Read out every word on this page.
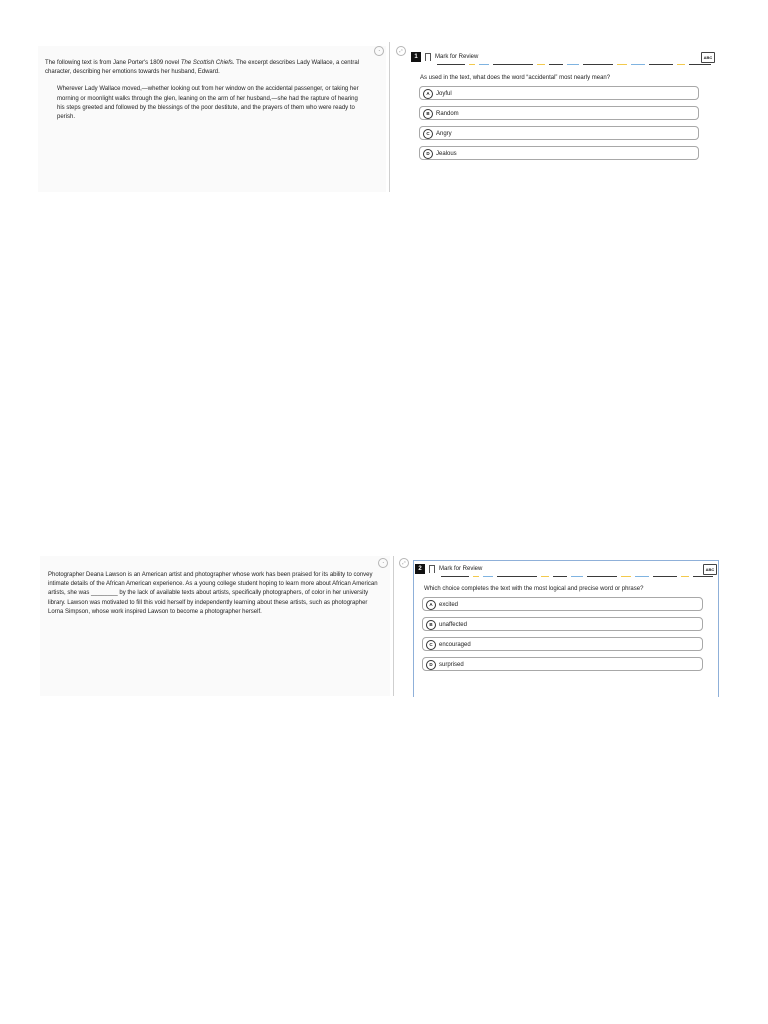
◔

The following text is from Jane Porter's 1809 novel The Scottish Chiefs. The excerpt describes Lady Wallace, a central character, describing her emotions towards her husband, Edward.

Wherever Lady Wallace moved,—whether looking out from her window on the accidental passenger, or taking her morning or moonlight walks through the glen, leaning on the arm of her husband,—she had the rapture of hearing his steps greeted and followed by the blessings of the poor destitute, and the prayers of them who were ready to perish.

⤢
1	Mark for Review	ABC
As used in the text, what does the word “accidental” most nearly mean?
A	Joyful
B	Random
C	Angry
D	Jealous
◔

Photographer Deana Lawson is an American artist and photographer whose work has been praised for its ability to convey intimate details of the African American experience. As a young college student hoping to learn more about African American artists, she was ________ by the lack of available texts about artists, specifically photographers, of color in her university library. Lawson was motivated to fill this void herself by independently learning about these artists, such as photographer Lorna Simpson, whose work inspired Lawson to become a photographer herself.

⤢
2	Mark for Review	ABC
Which choice completes the text with the most logical and precise word or phrase?
A	excited
B	unaffected
C	encouraged
D	surprised
